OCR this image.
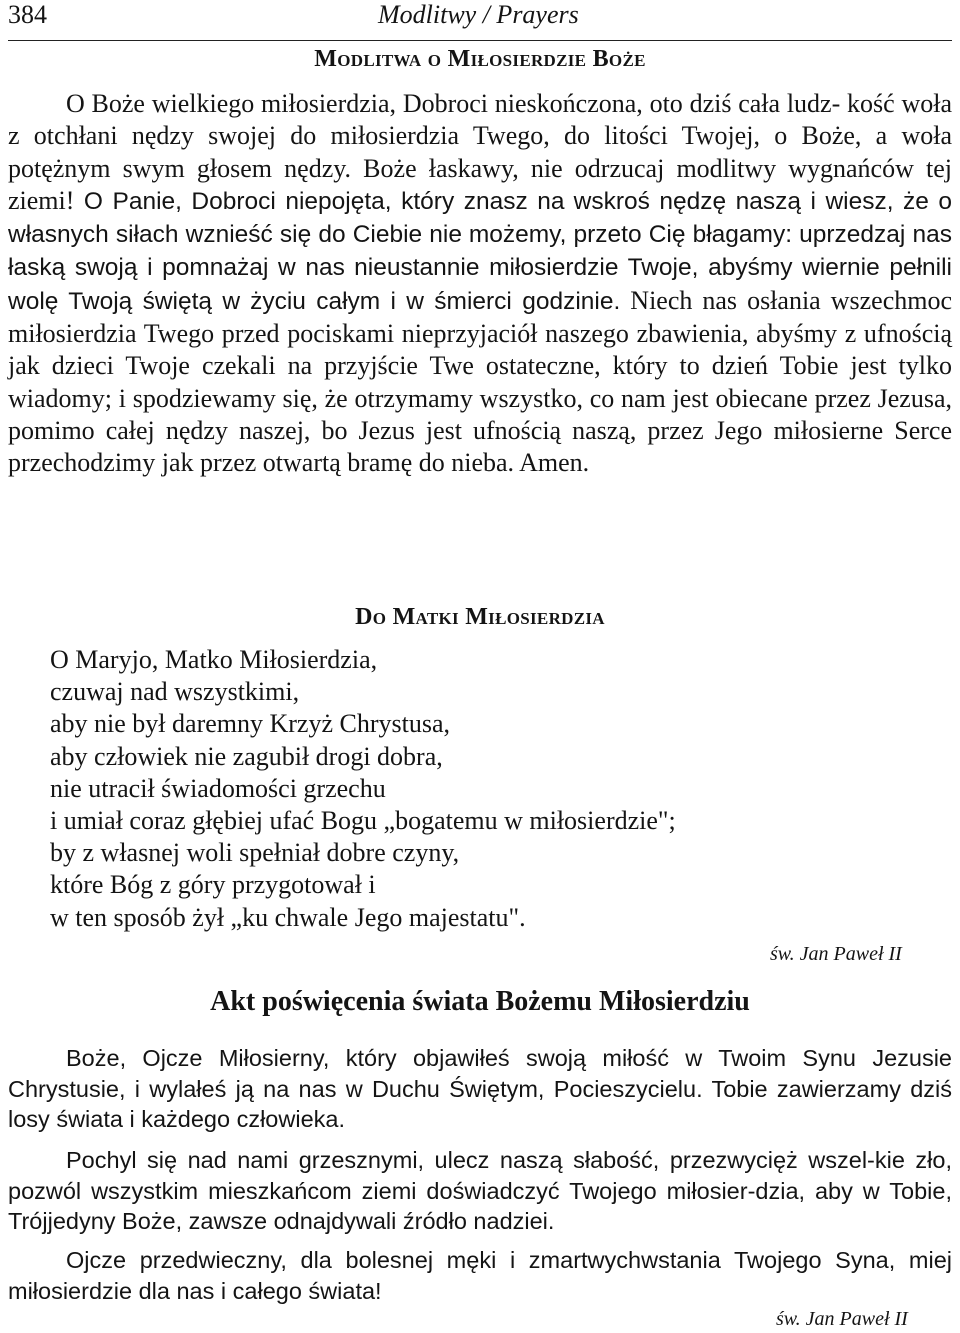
384	Modlitwy / Prayers
Modlitwa o Miłosierdzie Boże
O Boże wielkiego miłosierdzia, Dobroci nieskończona, oto dziś cała ludz- kość woła z otchłani nędzy swojej do miłosierdzia Twego, do litości Twojej, o Boże, a woła potężnym swym głosem nędzy. Boże łaskawy, nie odrzucaj modlitwy wygnańców tej ziemi! O Panie, Dobroci niepojęta, który znasz na wskroś nędzę naszą i wiesz, że o własnych siłach wznieść się do Ciebie nie możemy, przeto Cię błagamy: uprzedzaj nas łaską swoją i pomnażaj w nas nieustannie miłosierdzie Twoje, abyśmy wiernie pełnili wolę Twoją świętą w życiu całym i w śmierci godzinie. Niech nas osłania wszechmoc miłosierdzia Twego przed pociskami nieprzyjaciół naszego zbawienia, abyśmy z ufnością jak dzieci Twoje czekali na przyjście Twe ostateczne, który to dzień Tobie jest tylko wiadomy; i spodziewamy się, że otrzymamy wszystko, co nam jest obiecane przez Jezusa, pomimo całej nędzy naszej, bo Jezus jest ufnością naszą, przez Jego miłosierne Serce przechodzimy jak przez otwartą bramę do nieba. Amen.
Do Matki Miłosierdzia
O Maryjo, Matko Miłosierdzia,
czuwaj nad wszystkimi,
aby nie był daremny Krzyż Chrystusa,
aby człowiek nie zagubił drogi dobra,
nie utracił świadomości grzechu
i umiał coraz głębiej ufać Bogu „bogatemu w miłosierdzie";
by z własnej woli spełniał dobre czyny,
które Bóg z góry przygotował i
w ten sposób żył „ku chwale Jego majestatu".
św. Jan Paweł II
Akt poświęcenia świata Bożemu Miłosierdziu
Boże, Ojcze Miłosierny, który objawiłeś swoją miłość w Twoim Synu Jezusie Chrystusie, i wylałeś ją na nas w Duchu Świętym, Pocieszycielu. Tobie zawierzamy dziś losy świata i każdego człowieka.
Pochyl się nad nami grzesznymi, ulecz naszą słabość, przezwycięż wszel-kie zło, pozwól wszystkim mieszkańcom ziemi doświadczyć Twojego miłosier-dzia, aby w Tobie, Trójjedyny Boże, zawsze odnajdywali źródło nadziei.
Ojcze przedwieczny, dla bolesnej męki i zmartwychwstania Twojego Syna, miej miłosierdzie dla nas i całego świata!
św. Jan Paweł II
